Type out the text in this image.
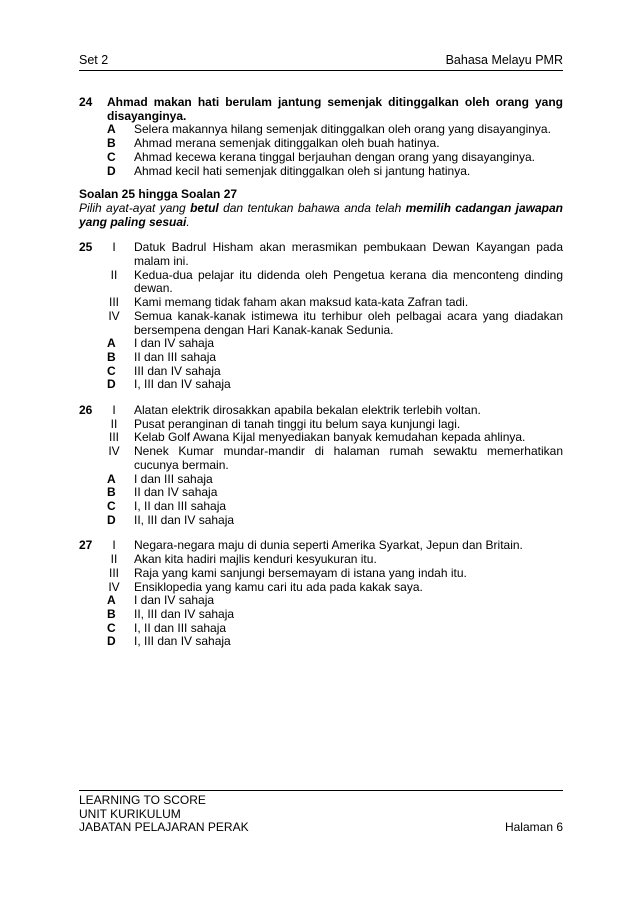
Set 2	Bahasa Melayu PMR
24 Ahmad makan hati berulam jantung semenjak ditinggalkan oleh orang yang disayanginya.
A Selera makannya hilang semenjak ditinggalkan oleh orang yang disayanginya.
B Ahmad merana semenjak ditinggalkan oleh buah hatinya.
C Ahmad kecewa kerana tinggal berjauhan dengan orang yang disayanginya.
D Ahmad kecil hati semenjak ditinggalkan oleh si jantung hatinya.
Soalan 25 hingga Soalan 27
Pilih ayat-ayat yang betul dan tentukan bahawa anda telah memilih cadangan jawapan yang paling sesuai.
25	I	Datuk Badrul Hisham akan merasmikan pembukaan Dewan Kayangan pada malam ini.
II	Kedua-dua pelajar itu didenda oleh Pengetua kerana dia menconteng dinding dewan.
III Kami memang tidak faham akan maksud kata-kata Zafran tadi.
IV Semua kanak-kanak istimewa itu terhibur oleh pelbagai acara yang diadakan bersempena dengan Hari Kanak-kanak Sedunia.
A I dan IV sahaja
B II dan III sahaja
C III dan IV sahaja
D I, III dan IV sahaja
26	I	Alatan elektrik dirosakkan apabila bekalan elektrik terlebih voltan.
II	Pusat peranginan di tanah tinggi itu belum saya kunjungi lagi.
III Kelab Golf Awana Kijal menyediakan banyak kemudahan kepada ahlinya.
IV Nenek Kumar mundar-mandir di halaman rumah sewaktu memerhatikan cucunya bermain.
A I dan III sahaja
B II dan IV sahaja
C I, II dan III sahaja
D II, III dan IV sahaja
27	I	Negara-negara maju di dunia seperti Amerika Syarkat, Jepun dan Britain.
II	Akan kita hadiri majlis kenduri kesyukuran itu.
III Raja yang kami sanjungi bersemayam di istana yang indah itu.
IV Ensiklopedia yang kamu cari itu ada pada kakak saya.
A I dan IV sahaja
B II, III dan IV sahaja
C I, II dan III sahaja
D I, III dan IV sahaja
LEARNING TO SCORE
UNIT KURIKULUM
JABATAN PELAJARAN PERAK	Halaman 6
